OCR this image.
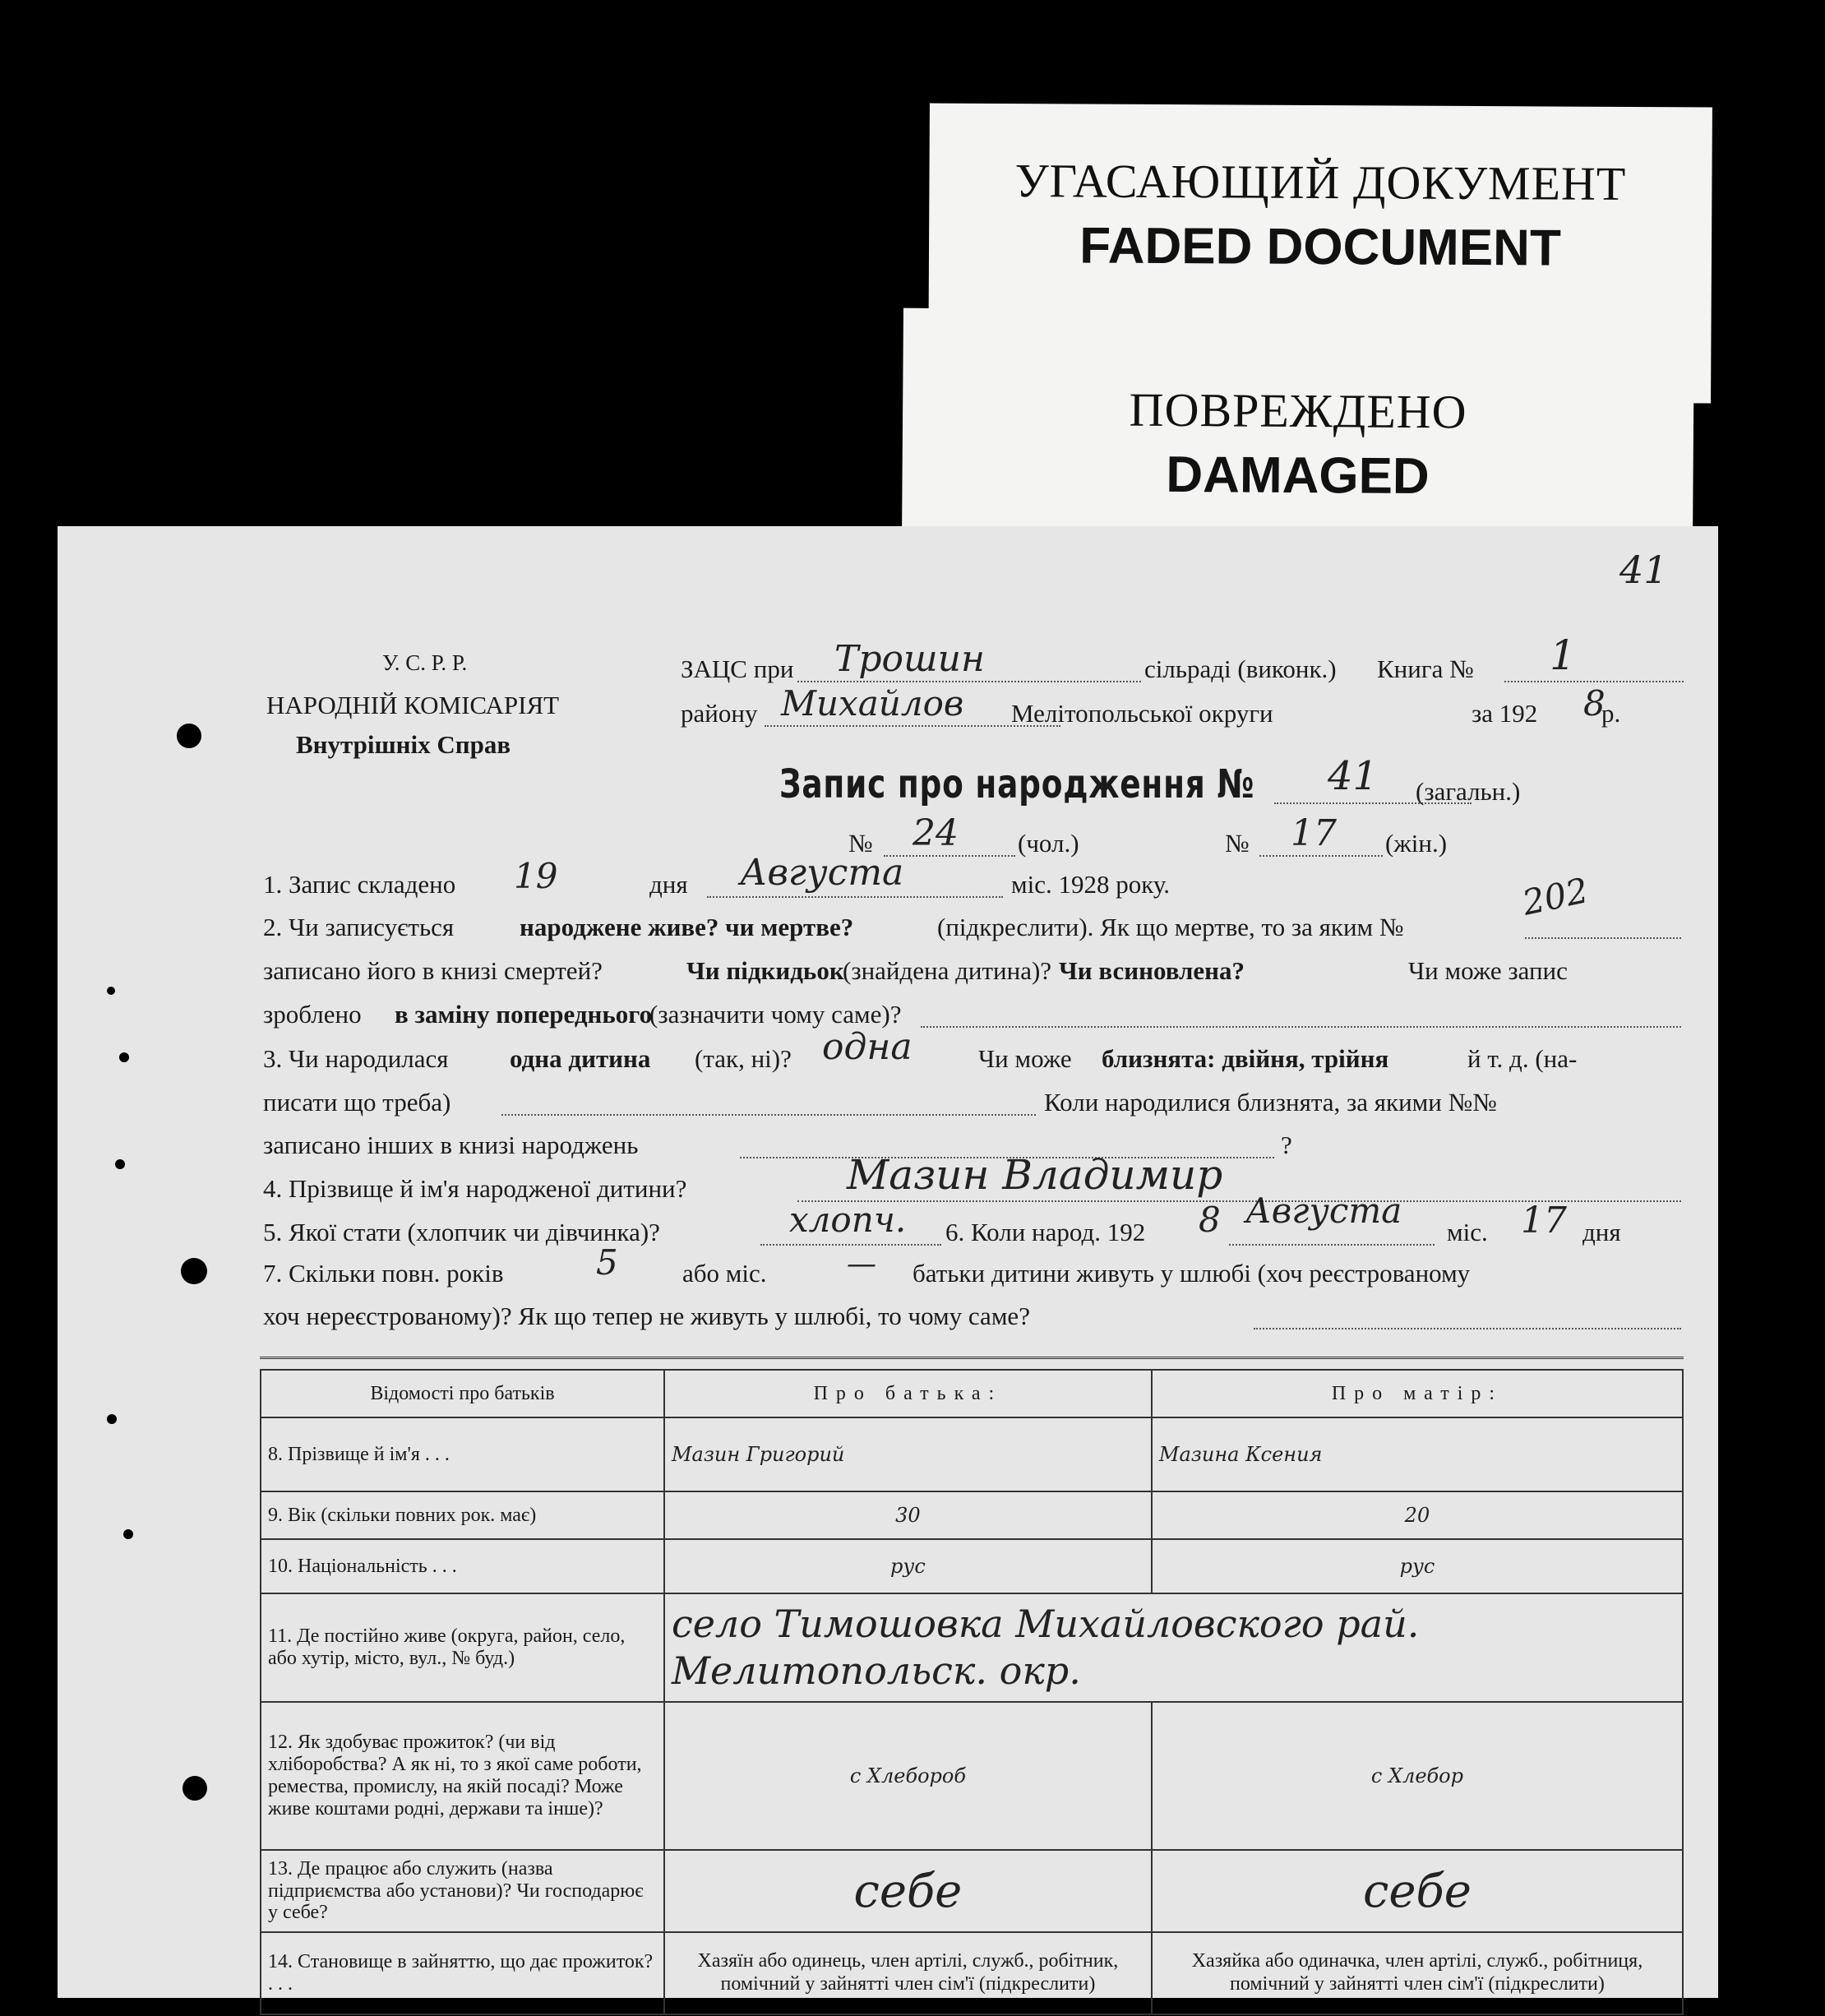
УГАСАЮЩИЙ ДОКУМЕНТ
FADED DOCUMENT
ПОВРЕЖДЕНО
DAMAGED
41
У. С. Р. Р.
НАРОДНІЙ КОМІСАРІЯТ
Внутрішніх Справ
ЗАЦС при Трошин	сільраді (виконк.) Книга № 1
району Михайлов Мелітопольської округи	за 192 8
р.
Запис про народження № 41 (загальн.)
№ 24 (чол.)	№ 17 (жін.)
1. Запис складено 19	дня Августа	міс. 1928 року.
2. Чи записується	народжене живе? чи мертве?	(підкреслити). Як що мертве, то за яким №
202
записано його в книзі смертей?	Чи підкидьок
(знайдена дитина)? Чи всиновлена?	Чи може запис
зроблено в заміну попереднього
(зазначити чому саме)?
3. Чи народилася одна дитина (так, ні)? одна	Чи може близнята: двійня, трійня	й т. д. (на-
писати що треба)	Коли народилися близнята, за якими №№
записано інших в книзі народжень	?
4. Прізвище й ім'я народженої дитини?	Мазин Владимир
5. Якої стати (хлопчик чи дівчинка)?	хлопч. 6. Коли народ. 192 8 Августа
міс. 17 дня
7. Скільки повн. років	5	або міс.	— батьки дитини живуть у шлюбі (хоч реєстрованому
хоч нереєстрованому)? Як що тепер не живуть у шлюбі, то чому саме?
Відомості про батьків	Про батька:	Про матір:
8. Прізвище й ім'я . . .	Мазин Григорий	Мазина Ксения
9. Вік (скільки повних рок. має)	30	20
10. Національність . . .	рус	рус
11. Де постійно живе (округа, район, село, або хутір, місто, вул., № буд.)	село Тимошовка Михайловского рай. Мелитопольск. окр.	
12. Як здобуває прожиток? (чи від хліборобства? А як ні, то з якої саме роботи, ремества, промислу, на якій посаді? Може живе коштами родні, держави та інше)?	с Хлебороб	с Хлебор
13. Де працює або служить (назва підприємства або установи)? Чи господарює у себе?	себе	себе
14. Становище в зайняттю, що дає прожиток? . . .	Хазяїн або одинець, член артілі, служб., робітник, помічний у зайнятті член сім'ї (підкреслити)	Хазяйка або одиначка, член артілі, служб., робітниця, помічний у зайнятті член сім'ї (підкреслити)
